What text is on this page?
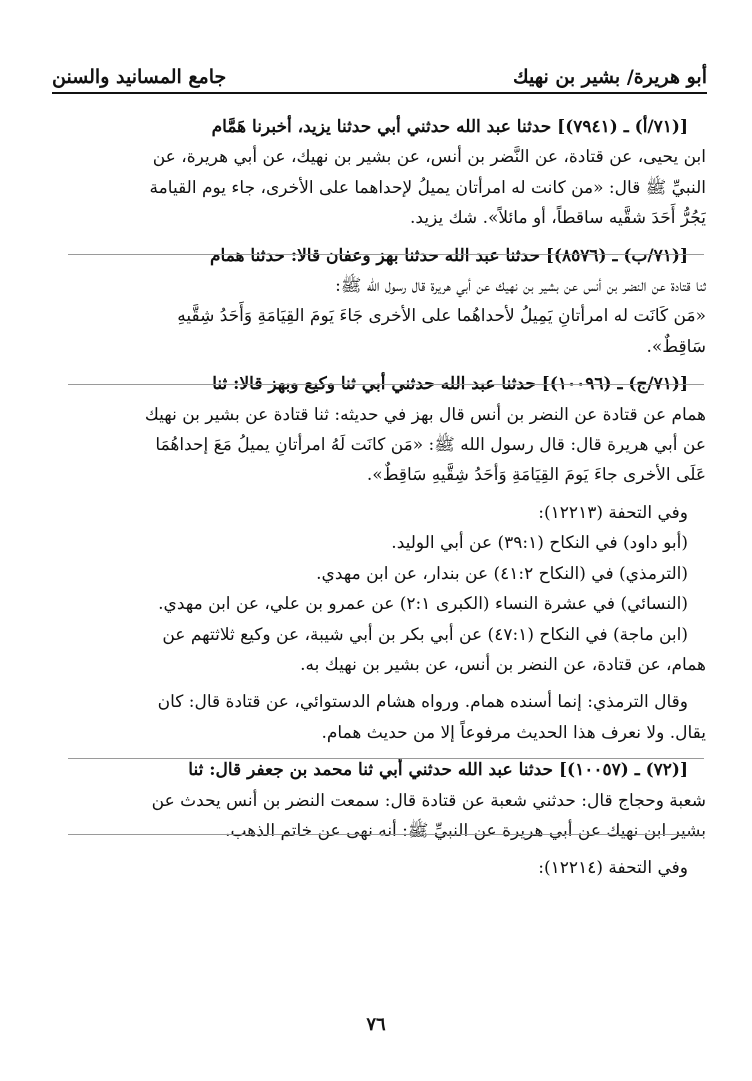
أبو هريرة/ بشير بن نهيك
جامع المسانيد والسنن
[(٧١/أ) ـ (٧٩٤١)] حدثنا عبد الله حدثني أبي حدثنا يزيد، أخبرنا هَمَّام
ابن يحيى، عن قتادة، عن النَّضر بن أنس، عن بشير بن نهيك، عن أبي هريرة، عن
النبيِّ ﷺ قال: «من كانت له امرأتان يميلُ لإحداهما على الأخرى، جاء يوم القيامة
يَجُرُّ أَحَدَ شقَّيه ساقطاً، أو مائلاً». شك يزيد.
[(٧١/ب) ـ (٨٥٧٦)] حدثنا عبد الله حدثنا بهز وعفان قالا: حدثنا همام
ثنا قتادة عن النضر بن أنس عن بشير بن نهيك عن أبي هريرة قال رسول الله ﷺ:
«مَن كَانَت له امرأتانِ يَمِيلُ لأحداهُما على الأخرى جَاءَ يَومَ القِيَامَةِ وَأَحَدُ شِقَّيهِ
سَاقِطٌ».
[(٧١/ج) ـ (١٠٠٩٦)] حدثنا عبد الله حدثني أبي ثنا وكيع وبهز قالا: ثنا
همام عن قتادة عن النضر بن أنس قال بهز في حديثه: ثنا قتادة عن بشير بن نهيك
عن أبي هريرة قال: قال رسول الله ﷺ: «مَن كانَت لَهُ امرأتانِ يميلُ مَعَ إحداهُمَا
عَلَى الأخرى جاءَ يَومَ القِيَامَةِ وَأحَدُ شِقَّيهِ سَاقِطٌ».
وفي التحفة (١٢٢١٣):
(أبو داود) في النكاح (٣٩:١) عن أبي الوليد.
(الترمذي) في (النكاح ٤١:٢) عن بندار، عن ابن مهدي.
(النسائي) في عشرة النساء (الكبرى ٢:١) عن عمرو بن علي، عن ابن مهدي.
(ابن ماجة) في النكاح (٤٧:١) عن أبي بكر بن أبي شيبة، عن وكيع ثلاثتهم عن
همام، عن قتادة، عن النضر بن أنس، عن بشير بن نهيك به.
وقال الترمذي: إنما أسنده همام. ورواه هشام الدستوائي، عن قتادة قال: كان
يقال. ولا نعرف هذا الحديث مرفوعاً إلا من حديث همام.
[(٧٢) ـ (١٠٠٥٧)] حدثنا عبد الله حدثني أبي ثنا محمد بن جعفر قال: ثنا
شعبة وحجاج قال: حدثني شعبة عن قتادة قال: سمعت النضر بن أنس يحدث عن
بشير ابن نهيك عن أبي هريرة عن النبيِّ ﷺ: أنه نهى عن خاتم الذهب.
وفي التحفة (١٢٢١٤):
٧٦
